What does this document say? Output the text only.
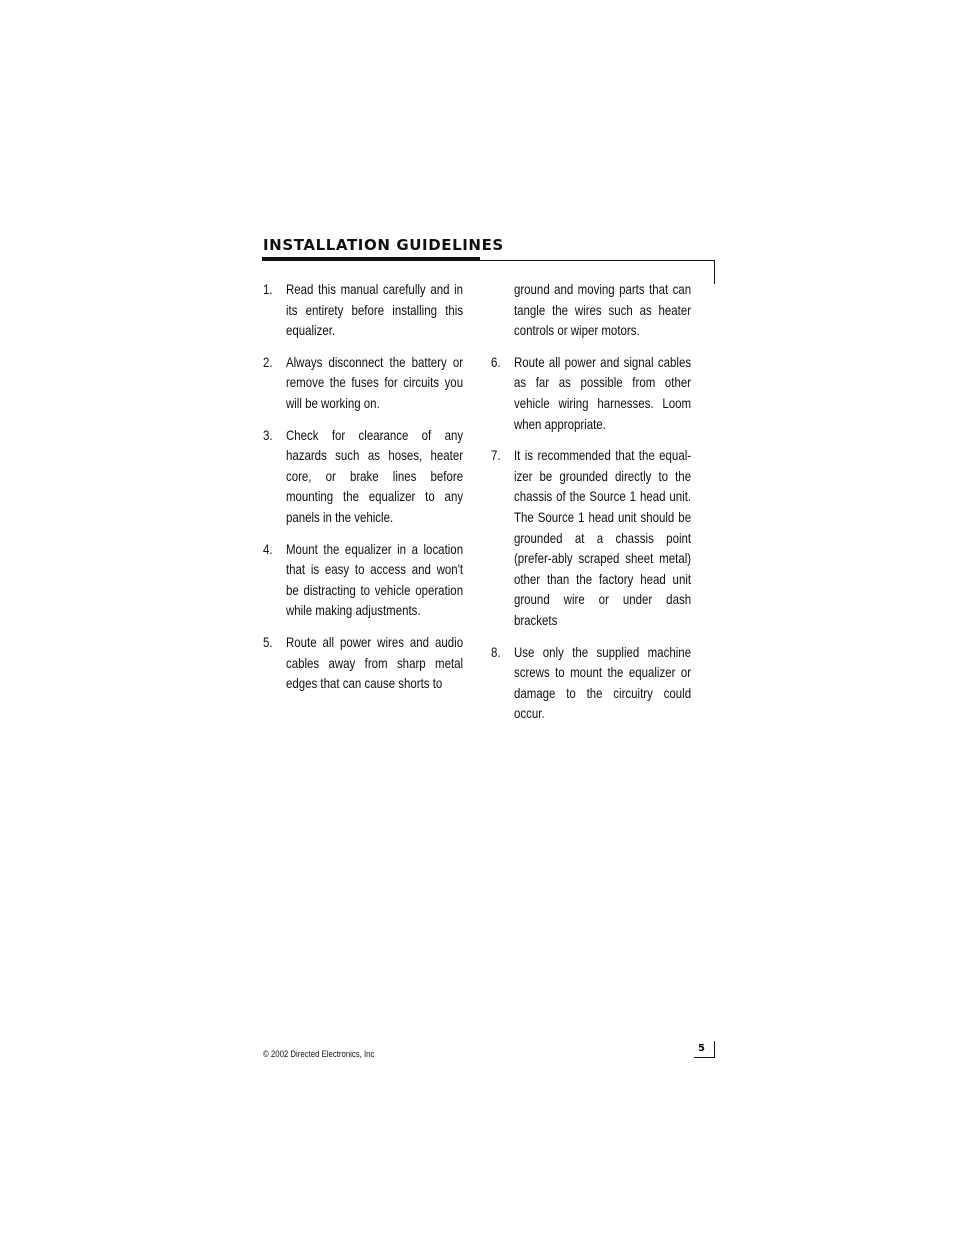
INSTALLATION GUIDELINES
1. Read this manual carefully and in its entirety before installing this equalizer.
2. Always disconnect the battery or remove the fuses for circuits you will be working on.
3. Check for clearance of any hazards such as hoses, heater core, or brake lines before mounting the equalizer to any panels in the vehicle.
4. Mount the equalizer in a location that is easy to access and won't be distracting to vehicle operation while making adjustments.
5. Route all power wires and audio cables away from sharp metal edges that can cause shorts to
ground and moving parts that can tangle the wires such as heater controls or wiper motors.
6. Route all power and signal cables as far as possible from other vehicle wiring harnesses. Loom when appropriate.
7. It is recommended that the equal-izer be grounded directly to the chassis of the Source 1 head unit. The Source 1 head unit should be grounded at a chassis point (prefer-ably scraped sheet metal) other than the factory head unit ground wire or under dash brackets
8. Use only the supplied machine screws to mount the equalizer or damage to the circuitry could occur.
© 2002 Directed Electronics, Inc
5
